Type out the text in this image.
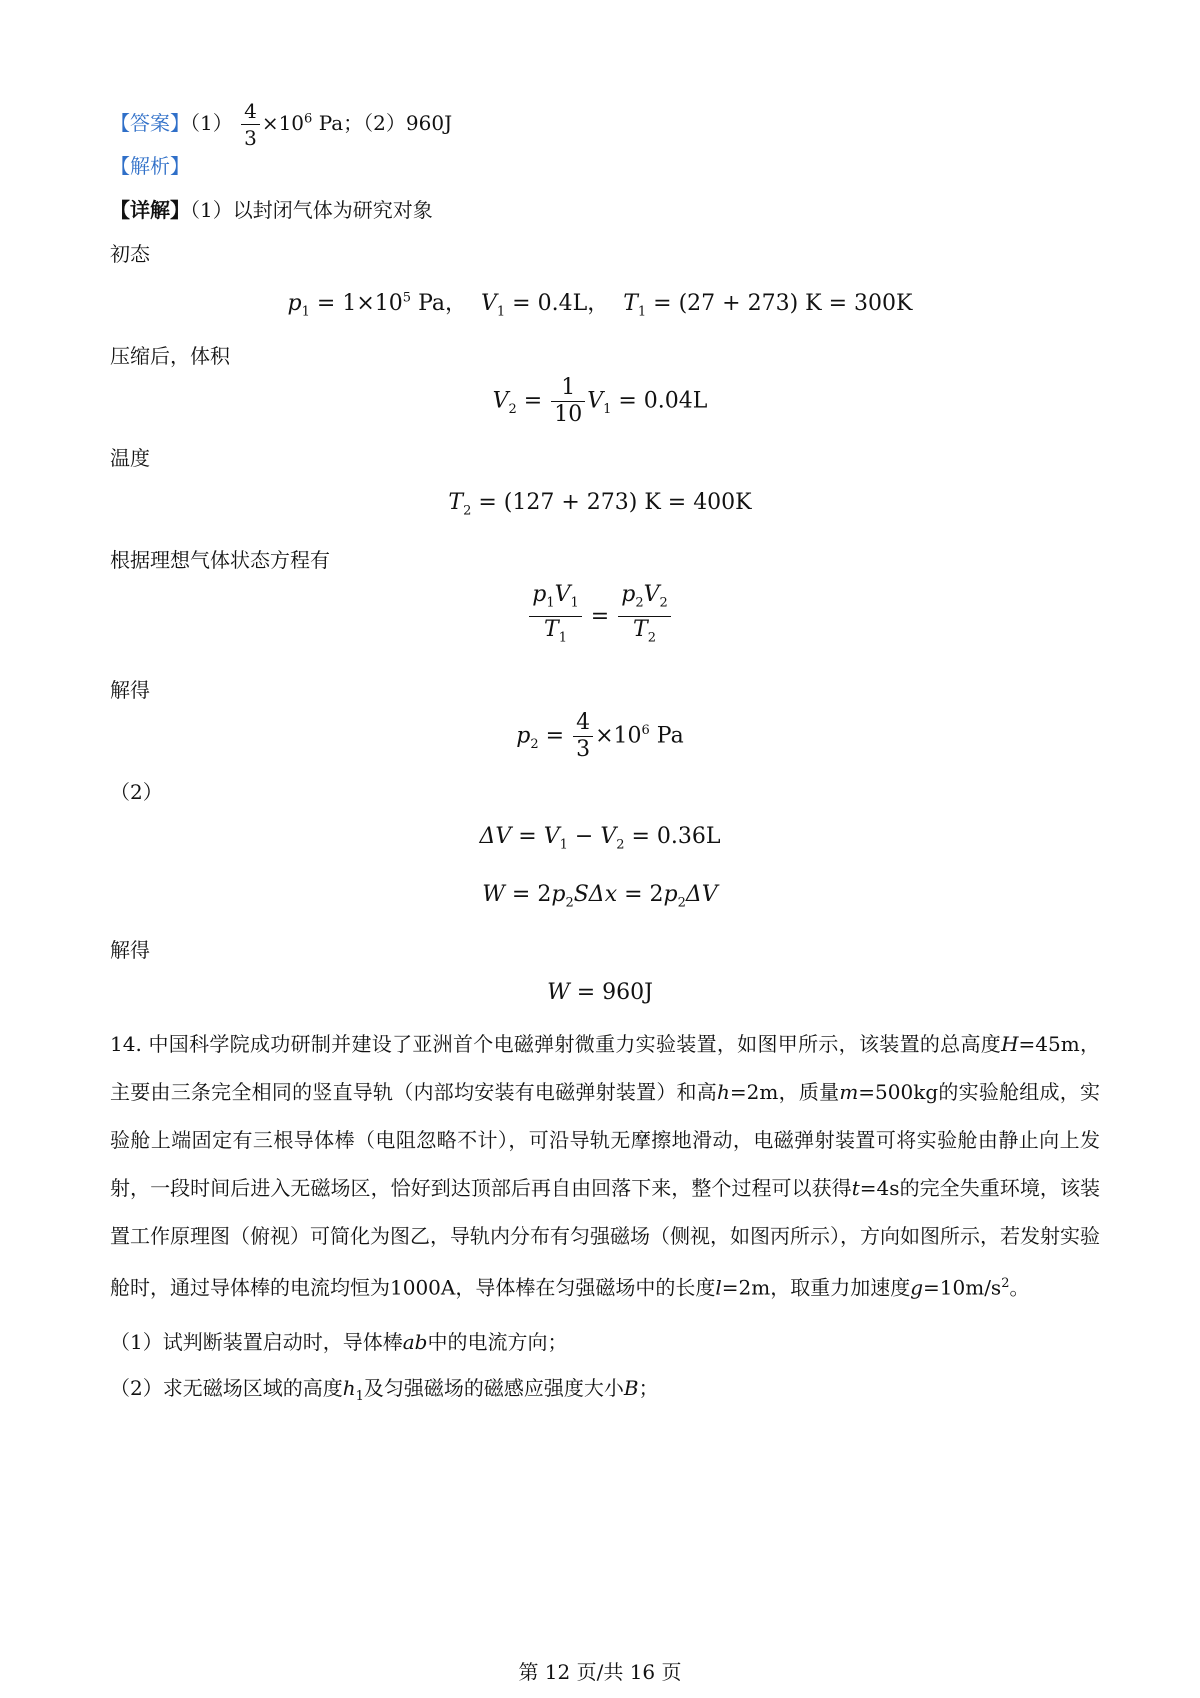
【答案】$(1) \frac{4}{3} \times 10^6$ Pa；（2）960J
【解析】
【详解】（1）以封闭气体为研究对象
初态
$p_1 = 1\times 10^5$ Pa， $V_1 = 0.4L$， $T_1 = (27 + 273) K = 300K$
压缩后，体积
$V_2 = \frac{1}{10} V_1 = 0.04L$
温度
$T_2 = (127 + 273) K = 400K$
根据理想气体状态方程有
$\frac{p_1V_1}{T_1} = \frac{p_2V_2}{T_2}$
解得
$p_2 = \frac{4}{3} \times 10^6$ Pa
（2）
$\Delta V = V_1 - V_2 = 0.36L$
$W = 2p_2S\Delta x = 2p_2\Delta V$
解得
W = 960J
14. 中国科学院成功研制并建设了亚洲首个电磁弹射微重力实验装置，如图甲所示，该装置的总高度H=45m，主要由三条完全相同的竖直导轨（内部均安装有电磁弹射装置）和高h=2m，质量m=500kg的实验舱组成，实验舱上端固定有三根导体棒（电阻忽略不计），可沿导轨无摩擦地滑动，电磁弹射装置可将实验舱由静止向上发射，一段时间后进入无磁场区，恰好到达顶部后再自由回落下来，整个过程可以获得t=4s的完全失重环境，该装置工作原理图（俯视）可简化为图乙，导轨内分布有匀强磁场（侧视，如图丙所示），方向如图所示，若发射实验舱时，通过导体棒的电流均恒为1000A，导体棒在匀强磁场中的长度l=2m，取重力加速度$g=10m/s^2$。
（1）试判断装置启动时，导体棒ab中的电流方向；
（2）求无磁场区域的高度$h_1$及匀强磁场的磁感应强度大小B；
第 12 页/共 16 页
